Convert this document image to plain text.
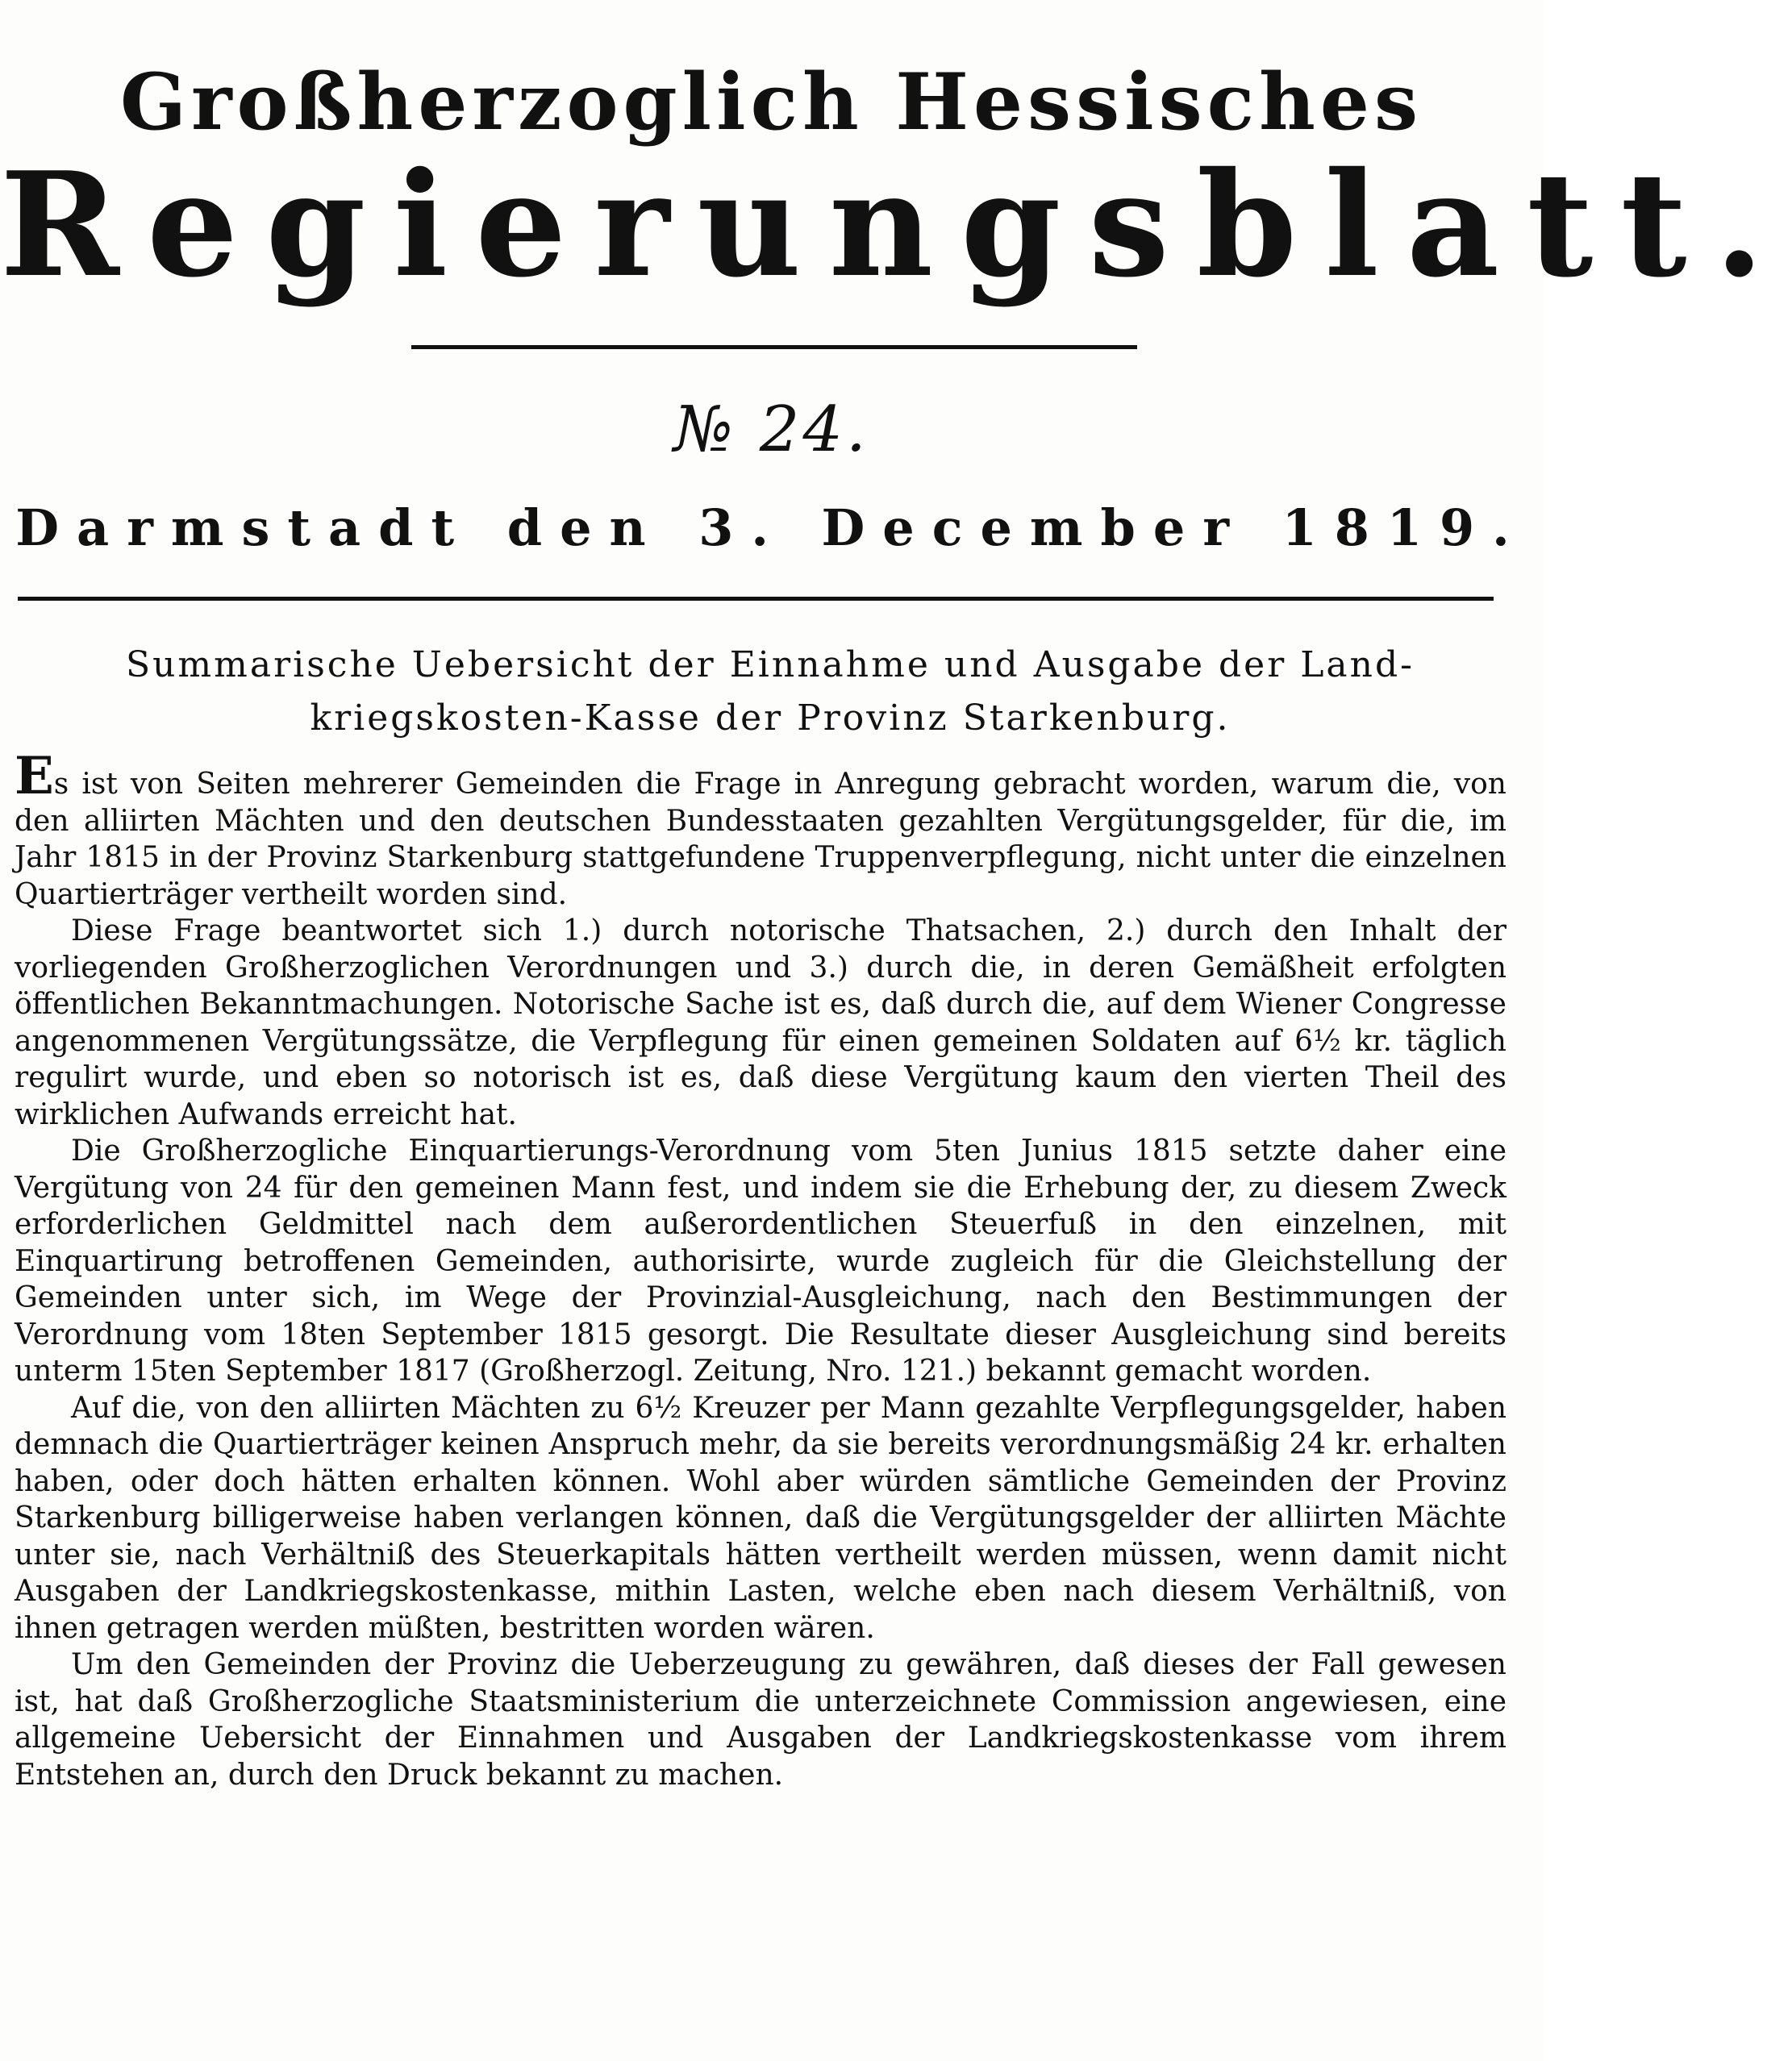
Großherzoglich Hessisches
Regierungsblatt.
№ 24.
Darmstadt den 3. December 1819.
Summarische Uebersicht der Einnahme und Ausgabe der Land-
kriegskosten-Kasse der Provinz Starkenburg.

Es ist von Seiten mehrerer Gemeinden die Frage in Anregung gebracht worden, warum die, von den alliirten Mächten und den deutschen Bundesstaaten gezahlten Vergütungsgelder, für die, im Jahr 1815 in der Provinz Starkenburg stattgefundene Truppenverpflegung, nicht unter die einzelnen Quartierträger vertheilt worden sind.

Diese Frage beantwortet sich 1.) durch notorische Thatsachen, 2.) durch den Inhalt der vorliegenden Großherzoglichen Verordnungen und 3.) durch die, in deren Gemäßheit erfolgten öffentlichen Bekanntmachungen. Notorische Sache ist es, daß durch die, auf dem Wiener Congresse angenommenen Vergütungssätze, die Verpflegung für einen gemeinen Soldaten auf 6½ kr. täglich regulirt wurde, und eben so notorisch ist es, daß diese Vergütung kaum den vierten Theil des wirklichen Aufwands erreicht hat.

Die Großherzogliche Einquartierungs-Verordnung vom 5ten Junius 1815 setzte daher eine Vergütung von 24 für den gemeinen Mann fest, und indem sie die Erhebung der, zu diesem Zweck erforderlichen Geldmittel nach dem außerordentlichen Steuerfuß in den einzelnen, mit Einquartirung betroffenen Gemeinden, authorisirte, wurde zugleich für die Gleichstellung der Gemeinden unter sich, im Wege der Provinzial-Ausgleichung, nach den Bestimmungen der Verordnung vom 18ten September 1815 gesorgt. Die Resultate dieser Ausgleichung sind bereits unterm 15ten September 1817 (Großherzogl. Zeitung, Nro. 121.) bekannt gemacht worden.

Auf die, von den alliirten Mächten zu 6½ Kreuzer per Mann gezahlte Verpflegungsgelder, haben demnach die Quartierträger keinen Anspruch mehr, da sie bereits verordnungsmäßig 24 kr. erhalten haben, oder doch hätten erhalten können. Wohl aber würden sämtliche Gemeinden der Provinz Starkenburg billigerweise haben verlangen können, daß die Vergütungsgelder der alliirten Mächte unter sie, nach Verhältniß des Steuerkapitals hätten vertheilt werden müssen, wenn damit nicht Ausgaben der Landkriegskostenkasse, mithin Lasten, welche eben nach diesem Verhältniß, von ihnen getragen werden müßten, bestritten worden wären.

Um den Gemeinden der Provinz die Ueberzeugung zu gewähren, daß dieses der Fall gewesen ist, hat daß Großherzogliche Staatsministerium die unterzeichnete Commission angewiesen, eine allgemeine Uebersicht der Einnahmen und Ausgaben der Landkriegskostenkasse vom ihrem Entstehen an, durch den Druck bekannt zu machen.
